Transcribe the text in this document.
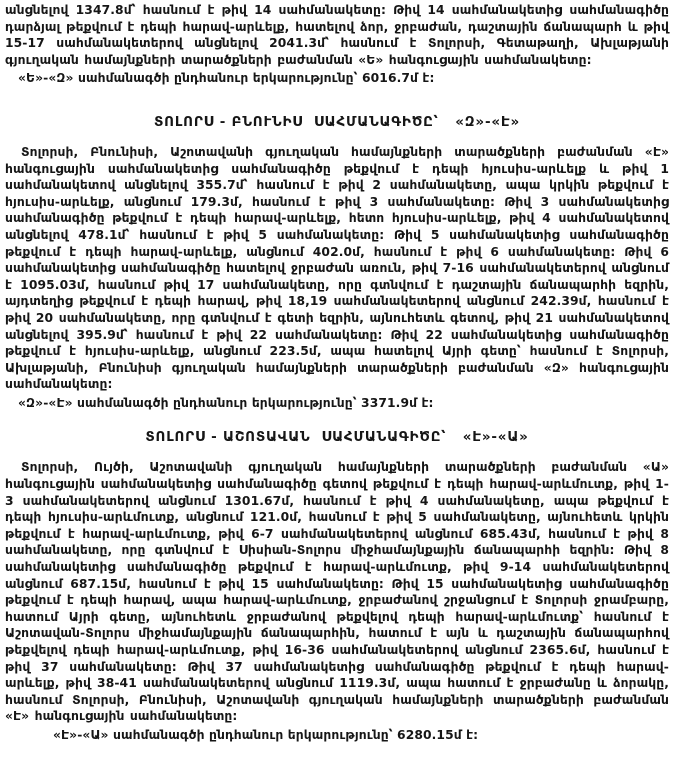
անցնելով 1347.8մ՝ հասնում է թիվ 14 սահմանակետը: Թիվ 14 սահմանակետից սահմանագիծը դարձյալ թեքվում է դեպի հարավ-արևելք, հատելով ձոր, ջրբաժան, դաշտային ճանապարհ և թիվ 15-17 սահմանակետերով անցնելով 2041.3մ՝ հասնում է Տոլորսի, Գետաթաղի, Ախլաթյանի գյուղական համայնքների տարածքների բաժանման «Ե» հանգուցային սահմանակետը:

«Ե»-«Զ» սահմանագծի ընդհանուր երկարությունը՝ 6016.7մ է:

ՏՈԼՈՐՍ - ԲՆՈՒՆԻՍ  ՍԱՀՄԱՆԱԳԻԾԸ՝   «Զ»-«Է»

Տոլորսի, Բնունիսի, Աշոտավանի գյուղական համայնքների տարածքների բաժանման «Է» հանգուցային սահմանակետից սահմանագիծը թեքվում է դեպի հյուսիս-արևելք և թիվ 1 սահմանակետով անցնելով 355.7մ՝ հասնում է թիվ 2 սահմանակետը, ապա կրկին թեքվում է հյուսիս-արևելք, անցնում 179.3մ, հասնում է թիվ 3 սահմանակետը: Թիվ 3 սահմանակետից սահմանագիծը թեքվում է դեպի հարավ-արևելք, հետո հյուսիս-արևելք, թիվ 4 սահմանակետով անցնելով 478.1մ՝ հասնում է թիվ 5 սահմանակետը: Թիվ 5 սահմանակետից սահմանագիծը թեքվում է դեպի հարավ-արևելք, անցնում 402.0մ, հասնում է թիվ 6 սահմանակետը: Թիվ 6 սահմանակետից սահմանագիծը հատելով ջրբաժան առուն, թիվ 7-16 սահմանակետերով անցնում է 1095.03մ, հասնում թիվ 17 սահմանակետը, որը գտնվում է դաշտային ճանապարհի եզրին, այդտեղից թեքվում է դեպի հարավ, թիվ 18,19 սահմանակետերով անցնում 242.39մ, հասնում է թիվ 20 սահմանակետը, որը գտնվում է գետի եզրին, այնուհետև գետով, թիվ 21 սահմանակետով անցնելով 395.9մ՝ հասնում է թիվ 22 սահմանակետը: Թիվ 22 սահմանակետից սահմանագիծը թեքվում է հյուսիս-արևելք, անցնում 223.5մ, ապա հատելով Այրի գետը՝ հասնում է Տոլորսի, Ախլաթյանի, Բնունիսի գյուղական համայնքների տարածքների բաժանման «Զ» հանգուցային սահմանակետը:

«Զ»-«Է» սահմանագծի ընդհանուր երկարությունը՝ 3371.9մ է:

ՏՈԼՈՐՍ - ԱՇՈՏԱՎԱՆ  ՍԱՀՄԱՆԱԳԻԾԸ՝   «Է»-«Ա»

Տոլորսի, Ույծի, Աշոտավանի գյուղական համայնքների տարածքների բաժանման «Ա» հանգուցային սահմանակետից սահմանագիծը գետով թեքվում է դեպի հարավ-արևմուտք, թիվ 1-3 սահմանակետերով անցնում 1301.67մ, հասնում է թիվ 4 սահմանակետը, ապա թեքվում է դեպի հյուսիս-արևմուտք, անցնում 121.0մ, հասնում է թիվ 5 սահմանակետը, այնուհետև կրկին թեքվում է հարավ-արևմուտք, թիվ 6-7 սահմանակետերով անցնում 685.43մ, հասնում է թիվ 8 սահմանակետը, որը գտնվում է Սիսիան-Տոլորս միջհամայնքային ճանապարհի եզրին: Թիվ 8 սահմանակետից սահմանագիծը թեքվում է հարավ-արևմուտք, թիվ 9-14 սահմանակետերով անցնում 687.15մ, հասնում է թիվ 15 սահմանակետը: Թիվ 15 սահմանակետից սահմանագիծը թեքվում է դեպի հարավ, ապա հարավ-արևմուտք, ջրբաժանով շրջանցում է Տոլորսի ջրամբարը, հատում Այրի գետը, այնուհետև ջրբաժանով թեքվելով դեպի հարավ-արևմուտք՝ հասնում է Աշոտավան-Տոլորս միջհամայնքային ճանապարհին, հատում է այն և դաշտային ճանապարհով թեքվելով դեպի հարավ-արևմուտք, թիվ 16-36 սահմանակետերով անցնում 2365.6մ, հասնում է թիվ 37 սահմանակետը: Թիվ 37 սահմանակետից սահմանագիծը թեքվում է դեպի հարավ-արևելք, թիվ 38-41 սահմանակետերով անցնում 1119.3մ, ապա հատում է ջրբաժանը և ձորակը, հասնում Տոլորսի, Բնունիսի, Աշոտավանի գյուղական համայնքների տարածքների բաժանման «Է» հանգուցային սահմանակետը:

«Է»-«Ա» սահմանագծի ընդհանուր երկարությունը՝ 6280.15մ է:
